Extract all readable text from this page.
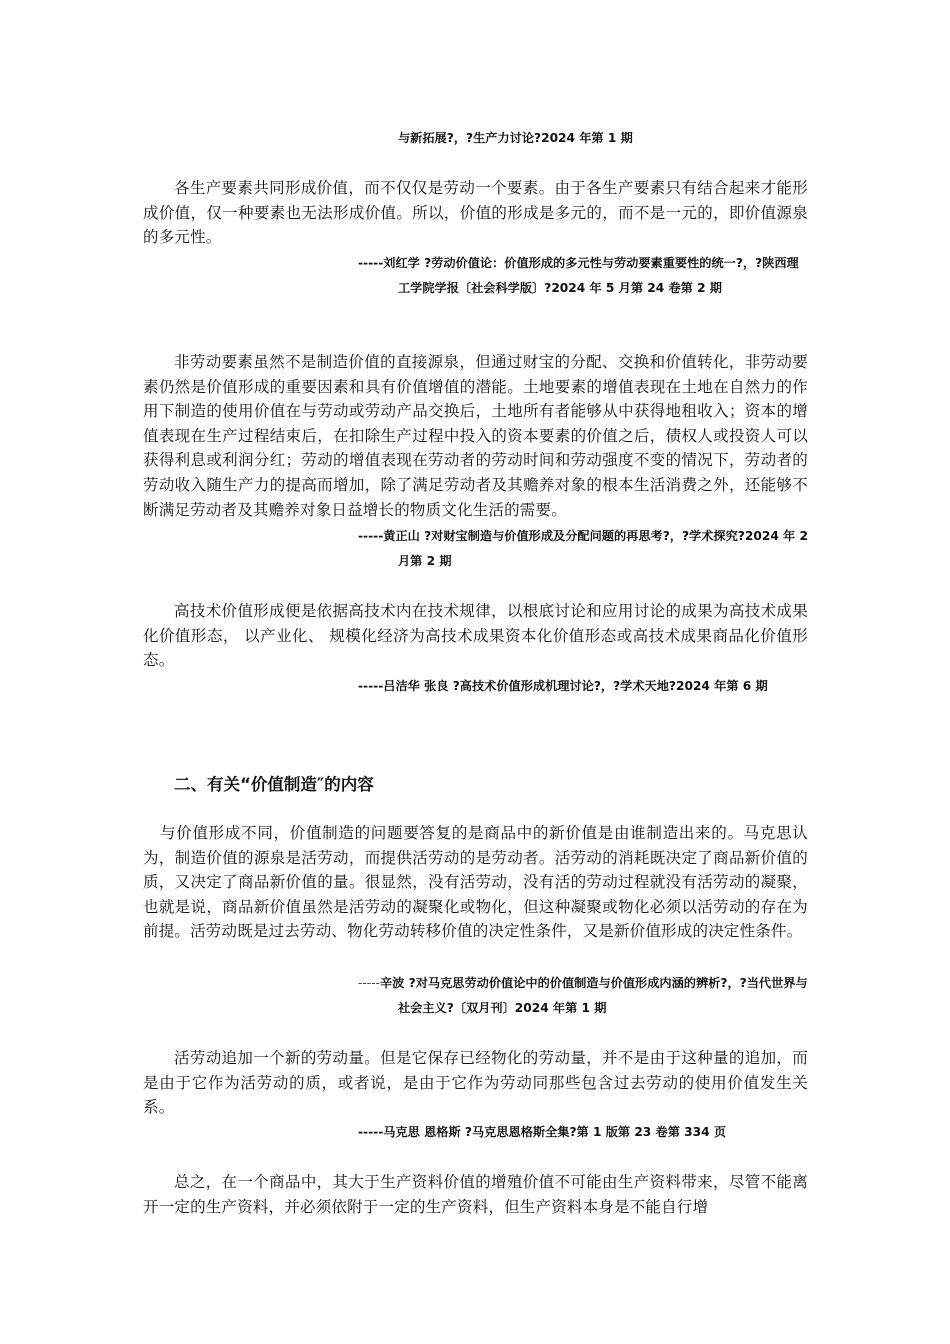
与新拓展?，?生产力讨论?2024 年第 1 期

各生产要素共同形成价值，而不仅仅是劳动一个要素。由于各生产要素只有结合起来才能形成价值，仅一种要素也无法形成价值。所以，价值的形成是多元的，而不是一元的，即价值源泉的多元性。

-----刘红学 ?劳动价值论：价值形成的多元性与劳动要素重要性的统一?，?陕西理工学院学报〔社会科学版〕?2024 年 5 月第 24 卷第 2 期

非劳动要素虽然不是制造价值的直接源泉，但通过财宝的分配、交换和价值转化，非劳动要素仍然是价值形成的重要因素和具有价值增值的潜能。土地要素的增值表现在土地在自然力的作用下制造的使用价值在与劳动或劳动产品交换后，土地所有者能够从中获得地租收入；资本的增值表现在生产过程结束后，在扣除生产过程中投入的资本要素的价值之后，债权人或投资人可以获得利息或利润分红；劳动的增值表现在劳动者的劳动时间和劳动强度不变的情况下，劳动者的劳动收入随生产力的提高而增加，除了满足劳动者及其赡养对象的根本生活消费之外，还能够不断满足劳动者及其赡养对象日益增长的物质文化生活的需要。

-----黄正山 ?对财宝制造与价值形成及分配问题的再思考?，?学术探究?2024 年 2 月第 2 期

高技术价值形成便是依据高技术内在技术规律，以根底讨论和应用讨论的成果为高技术成果化价值形态， 以产业化、 规模化经济为高技术成果资本化价值形态或高技术成果商品化价值形态。

-----吕洁华 张良 ?高技术价值形成机理讨论?，?学术天地?2024 年第 6 期

二、有关“价值制造″的内容

与价值形成不同，价值制造的问题要答复的是商品中的新价值是由谁制造出来的。马克思认为，制造价值的源泉是活劳动，而提供活劳动的是劳动者。活劳动的消耗既决定了商品新价值的质，又决定了商品新价值的量。很显然，没有活劳动，没有活的劳动过程就没有活劳动的凝聚，也就是说，商品新价值虽然是活劳动的凝聚化或物化，但这种凝聚或物化必须以活劳动的存在为前提。活劳动既是过去劳动、物化劳动转移价值的决定性条件，又是新价值形成的决定性条件。

-----辛波 ?对马克思劳动价值论中的价值制造与价值形成内涵的辨析?，?当代世界与社会主义?〔双月刊〕2024 年第 1 期

活劳动追加一个新的劳动量。但是它保存已经物化的劳动量，并不是由于这种量的追加，而是由于它作为活劳动的质，或者说，是由于它作为劳动同那些包含过去劳动的使用价值发生关系。

-----马克思 恩格斯 ?马克思恩格斯全集?第 1 版第 23 卷第 334 页

总之，在一个商品中，其大于生产资料价值的增殖价值不可能由生产资料带来，尽管不能离开一定的生产资料，并必须依附于一定的生产资料，但生产资料本身是不能自行增
